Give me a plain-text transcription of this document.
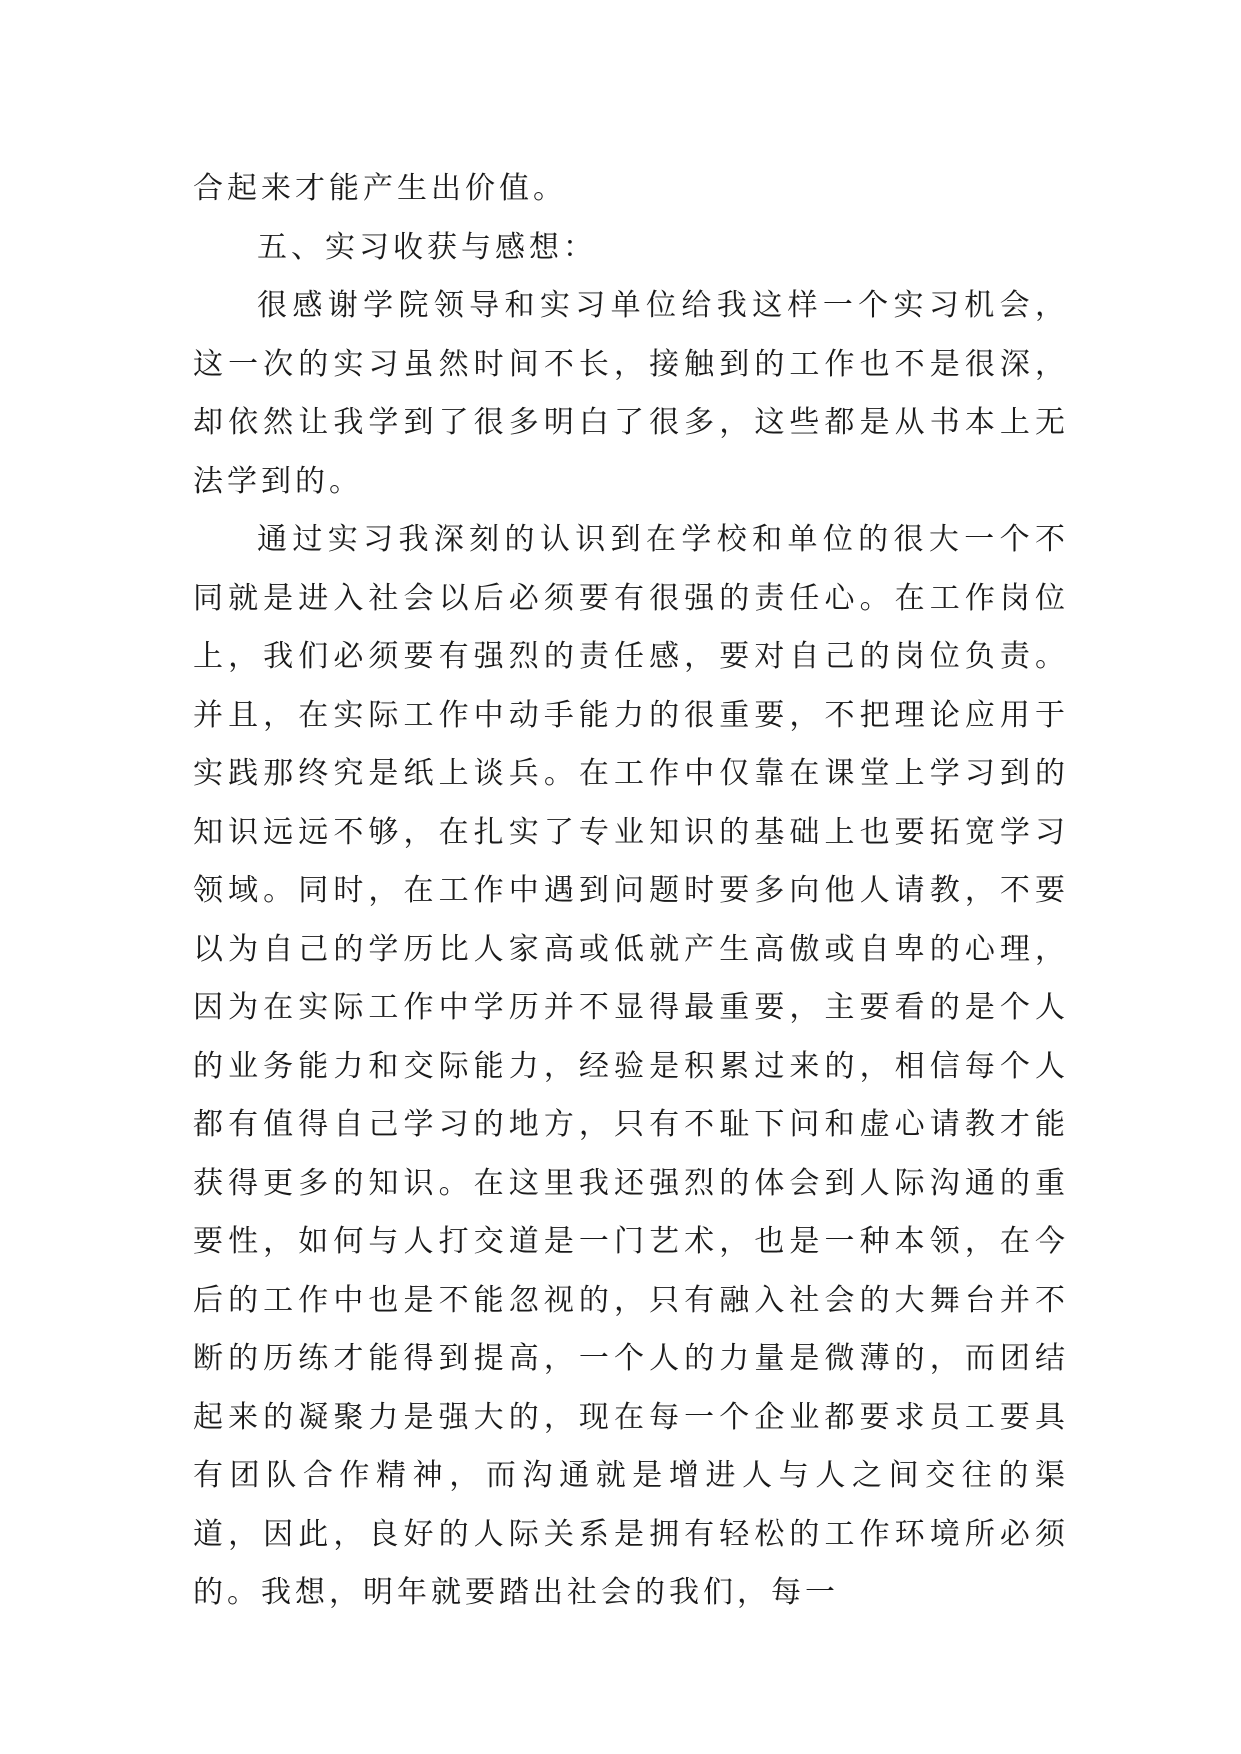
合起来才能产生出价值。

五、实习收获与感想：

很感谢学院领导和实习单位给我这样一个实习机会，这一次的实习虽然时间不长，接触到的工作也不是很深，却依然让我学到了很多明白了很多，这些都是从书本上无法学到的。

通过实习我深刻的认识到在学校和单位的很大一个不同就是进入社会以后必须要有很强的责任心。在工作岗位上，我们必须要有强烈的责任感，要对自己的岗位负责。并且，在实际工作中动手能力的很重要，不把理论应用于实践那终究是纸上谈兵。在工作中仅靠在课堂上学习到的知识远远不够，在扎实了专业知识的基础上也要拓宽学习领域。同时，在工作中遇到问题时要多向他人请教，不要以为自己的学历比人家高或低就产生高傲或自卑的心理，因为在实际工作中学历并不显得最重要，主要看的是个人的业务能力和交际能力，经验是积累过来的，相信每个人都有值得自己学习的地方，只有不耻下问和虚心请教才能获得更多的知识。在这里我还强烈的体会到人际沟通的重要性，如何与人打交道是一门艺术，也是一种本领，在今后的工作中也是不能忽视的，只有融入社会的大舞台并不断的历练才能得到提高，一个人的力量是微薄的，而团结起来的凝聚力是强大的，现在每一个企业都要求员工要具有团队合作精神，而沟通就是增进人与人之间交往的渠道，因此，良好的人际关系是拥有轻松的工作环境所必须的。我想，明年就要踏出社会的我们，每一
